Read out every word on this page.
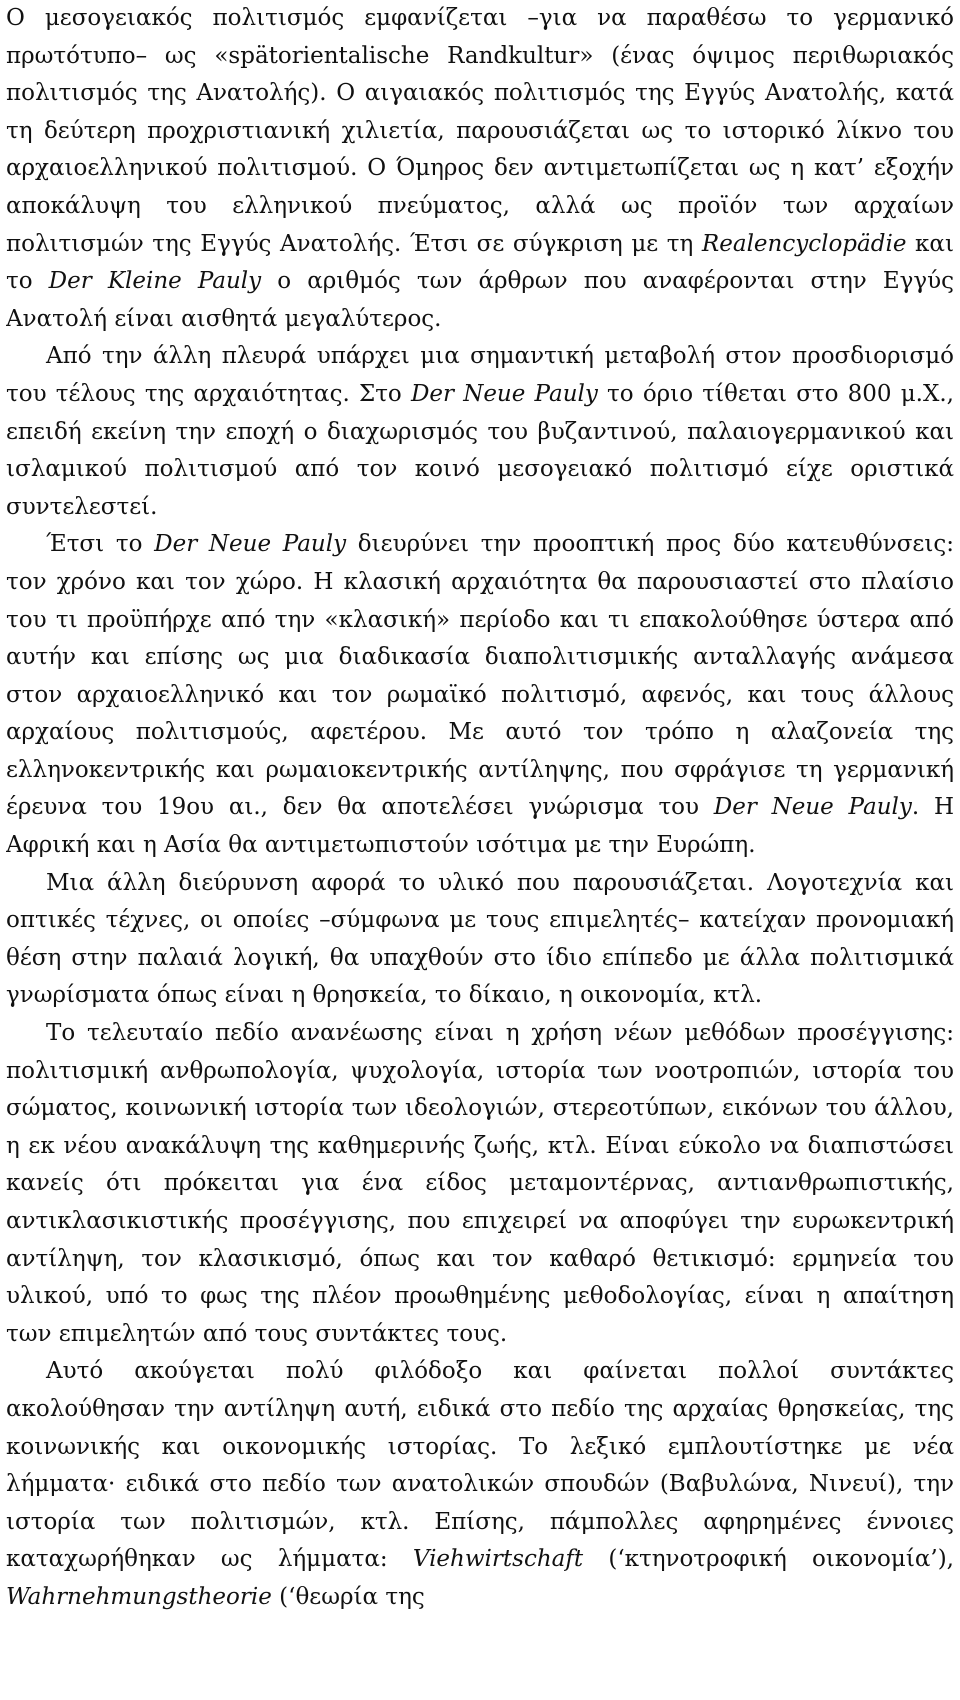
Ο μεσογειακός πολιτισμός εμφανίζεται –για να παραθέσω το γερμανικό πρωτότυπο– ως «spätorientalische Randkultur» (ένας όψιμος περιθωριακός πολιτισμός της Ανατολής). Ο αιγαιακός πολιτισμός της Εγγύς Ανατολής, κατά τη δεύτερη προχριστιανική χιλιετία, παρουσιάζεται ως το ιστορικό λίκνο του αρχαιοελληνικού πολιτισμού. Ο Όμηρος δεν αντιμετωπίζεται ως η κατ’ εξοχήν αποκάλυψη του ελληνικού πνεύματος, αλλά ως προϊόν των αρχαίων πολιτισμών της Εγγύς Ανατολής. Έτσι σε σύγκριση με τη Realencyclopädie και το Der Kleine Pauly ο αριθμός των άρθρων που αναφέρονται στην Εγγύς Ανατολή είναι αισθητά μεγαλύτερος.

Από την άλλη πλευρά υπάρχει μια σημαντική μεταβολή στον προσδιορισμό του τέλους της αρχαιότητας. Στο Der Neue Pauly το όριο τίθεται στο 800 μ.Χ., επειδή εκείνη την εποχή ο διαχωρισμός του βυζαντινού, παλαιογερμανικού και ισλαμικού πολιτισμού από τον κοινό μεσογειακό πολιτισμό είχε οριστικά συντελεστεί.

Έτσι το Der Neue Pauly διευρύνει την προοπτική προς δύο κατευθύνσεις: τον χρόνο και τον χώρο. Η κλασική αρχαιότητα θα παρουσιαστεί στο πλαίσιο του τι προϋπήρχε από την «κλασική» περίοδο και τι επακολούθησε ύστερα από αυτήν και επίσης ως μια διαδικασία διαπολιτισμικής ανταλλαγής ανάμεσα στον αρχαιοελληνικό και τον ρωμαϊκό πολιτισμό, αφενός, και τους άλλους αρχαίους πολιτισμούς, αφετέρου. Με αυτό τον τρόπο η αλαζονεία της ελληνοκεντρικής και ρωμαιοκεντρικής αντίληψης, που σφράγισε τη γερμανική έρευνα του 19ου αι., δεν θα αποτελέσει γνώρισμα του Der Neue Pauly. Η Αφρική και η Ασία θα αντιμετωπιστούν ισότιμα με την Ευρώπη.

Μια άλλη διεύρυνση αφορά το υλικό που παρουσιάζεται. Λογοτεχνία και οπτικές τέχνες, οι οποίες –σύμφωνα με τους επιμελητές– κατείχαν προνομιακή θέση στην παλαιά λογική, θα υπαχθούν στο ίδιο επίπεδο με άλλα πολιτισμικά γνωρίσματα όπως είναι η θρησκεία, το δίκαιο, η οικονομία, κτλ.

Το τελευταίο πεδίο ανανέωσης είναι η χρήση νέων μεθόδων προσέγγισης: πολιτισμική ανθρωπολογία, ψυχολογία, ιστορία των νοοτροπιών, ιστορία του σώματος, κοινωνική ιστορία των ιδεολογιών, στερεοτύπων, εικόνων του άλλου, η εκ νέου ανακάλυψη της καθημερινής ζωής, κτλ. Είναι εύκολο να διαπιστώσει κανείς ότι πρόκειται για ένα είδος μεταμοντέρνας, αντιανθρωπιστικής, αντικλασικιστικής προσέγγισης, που επιχειρεί να αποφύγει την ευρωκεντρική αντίληψη, τον κλασικισμό, όπως και τον καθαρό θετικισμό: ερμηνεία του υλικού, υπό το φως της πλέον προωθημένης μεθοδολογίας, είναι η απαίτηση των επιμελητών από τους συντάκτες τους.

Αυτό ακούγεται πολύ φιλόδοξο και φαίνεται πολλοί συντάκτες ακολούθησαν την αντίληψη αυτή, ειδικά στο πεδίο της αρχαίας θρησκείας, της κοινωνικής και οικονομικής ιστορίας. Το λεξικό εμπλουτίστηκε με νέα λήμματα· ειδικά στο πεδίο των ανατολικών σπουδών (Βαβυλώνα, Νινευί), την ιστορία των πολιτισμών, κτλ. Επίσης, πάμπολλες αφηρημένες έννοιες καταχωρήθηκαν ως λήμματα: Viehwirtschaft (‘κτηνοτροφική οικονομία’), Wahrnehmungstheorie (‘θεωρία της
